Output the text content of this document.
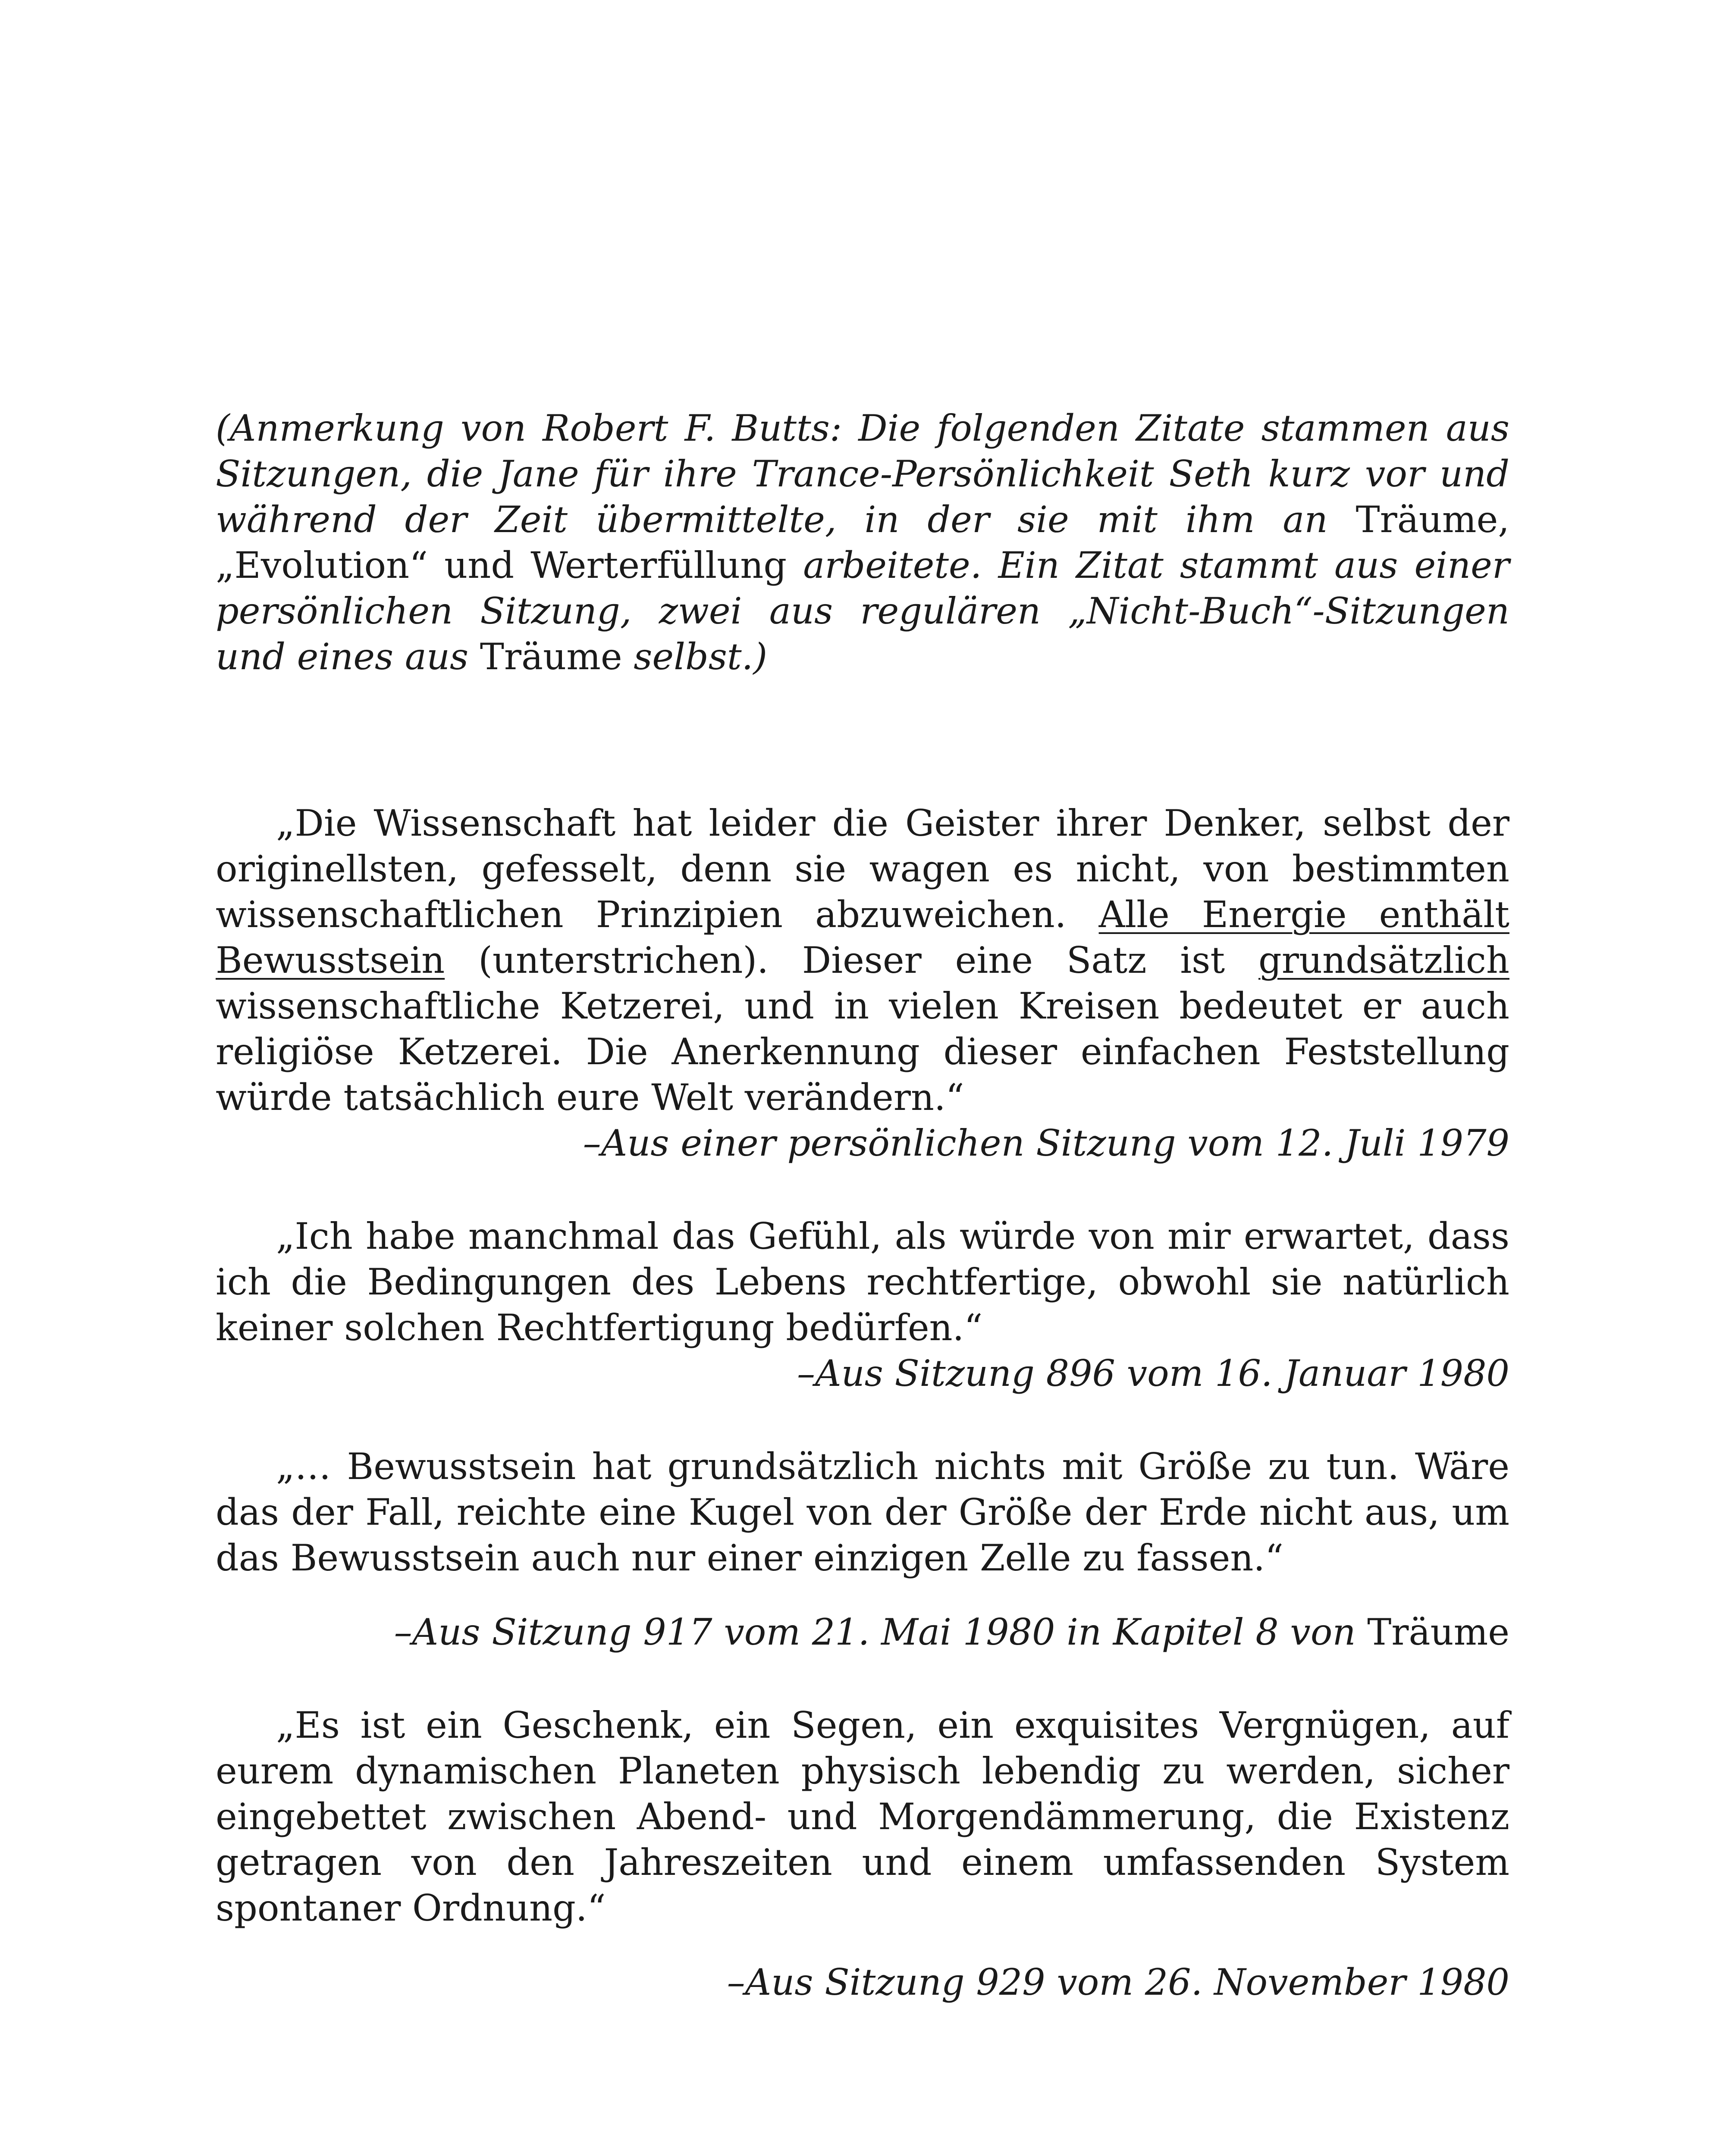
(Anmerkung von Robert F. Butts: Die folgenden Zitate stammen aus Sitzungen, die Jane für ihre Trance-Persönlichkeit Seth kurz vor und während der Zeit übermittelte, in der sie mit ihm an Träume, „Evolution“ und Werterfüllung arbeitete. Ein Zitat stammt aus einer persönlichen Sitzung, zwei aus regulären „Nicht-Buch“-Sitzungen und eines aus Träume selbst.)

„Die Wissenschaft hat leider die Geister ihrer Denker, selbst der originellsten, gefesselt, denn sie wagen es nicht, von bestimmten wissenschaftlichen Prinzipien abzuweichen. Alle Energie enthält Bewusstsein (unterstrichen). Dieser eine Satz ist grundsätzlich wissenschaftliche Ketzerei, und in vielen Kreisen bedeutet er auch religiöse Ketzerei. Die Anerkennung dieser einfachen Feststellung würde tatsächlich eure Welt verändern.“

–Aus einer persönlichen Sitzung vom 12. Juli 1979

„Ich habe manchmal das Gefühl, als würde von mir erwartet, dass ich die Bedingungen des Lebens rechtfertige, obwohl sie natürlich keiner solchen Rechtfertigung bedürfen.“

–Aus Sitzung 896 vom 16. Januar 1980

„… Bewusstsein hat grundsätzlich nichts mit Größe zu tun. Wäre das der Fall, reichte eine Kugel von der Größe der Erde nicht aus, um das Bewusstsein auch nur einer einzigen Zelle zu fassen.“

–Aus Sitzung 917 vom 21. Mai 1980 in Kapitel 8 von Träume

„Es ist ein Geschenk, ein Segen, ein exquisites Vergnügen, auf eurem dynamischen Planeten physisch lebendig zu werden, sicher eingebettet zwischen Abend- und Morgendämmerung, die Existenz getragen von den Jahreszeiten und einem umfassenden System spontaner Ordnung.“

–Aus Sitzung 929 vom 26. November 1980
